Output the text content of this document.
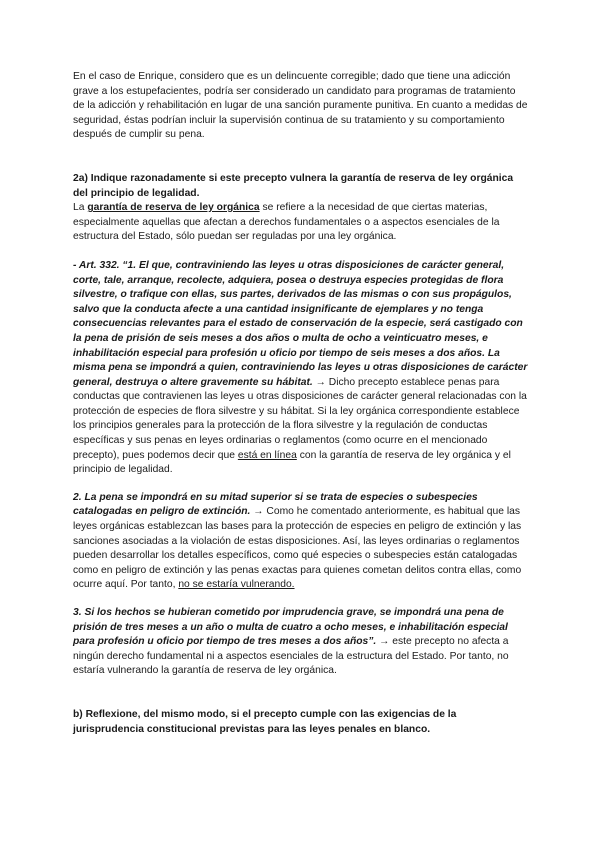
En el caso de Enrique, considero que es un delincuente corregible; dado que tiene una adicción grave a los estupefacientes, podría ser considerado un candidato para programas de tratamiento de la adicción y rehabilitación en lugar de una sanción puramente punitiva. En cuanto a medidas de seguridad, éstas podrían incluir la supervisión continua de su tratamiento y su comportamiento después de cumplir su pena.

2a) Indique razonadamente si este precepto vulnera la garantía de reserva de ley orgánica del principio de legalidad.

La garantía de reserva de ley orgánica se refiere a la necesidad de que ciertas materias, especialmente aquellas que afectan a derechos fundamentales o a aspectos esenciales de la estructura del Estado, sólo puedan ser reguladas por una ley orgánica.

- Art. 332. “1. El que, contraviniendo las leyes u otras disposiciones de carácter general, corte, tale, arranque, recolecte, adquiera, posea o destruya especies protegidas de flora silvestre, o trafique con ellas, sus partes, derivados de las mismas o con sus propágulos, salvo que la conducta afecte a una cantidad insignificante de ejemplares y no tenga consecuencias relevantes para el estado de conservación de la especie, será castigado con la pena de prisión de seis meses a dos años o multa de ocho a veinticuatro meses, e inhabilitación especial para profesión u oficio por tiempo de seis meses a dos años. La misma pena se impondrá a quien, contraviniendo las leyes u otras disposiciones de carácter general, destruya o altere gravemente su hábitat. → Dicho precepto establece penas para conductas que contravienen las leyes u otras disposiciones de carácter general relacionadas con la protección de especies de flora silvestre y su hábitat. Si la ley orgánica correspondiente establece los principios generales para la protección de la flora silvestre y la regulación de conductas específicas y sus penas en leyes ordinarias o reglamentos (como ocurre en el mencionado precepto), pues podemos decir que está en línea con la garantía de reserva de ley orgánica y el principio de legalidad.

2. La pena se impondrá en su mitad superior si se trata de especies o subespecies catalogadas en peligro de extinción. → Como he comentado anteriormente, es habitual que las leyes orgánicas establezcan las bases para la protección de especies en peligro de extinción y las sanciones asociadas a la violación de estas disposiciones. Así, las leyes ordinarias o reglamentos pueden desarrollar los detalles específicos, como qué especies o subespecies están catalogadas como en peligro de extinción y las penas exactas para quienes cometan delitos contra ellas, como ocurre aquí. Por tanto, no se estaría vulnerando.

3. Si los hechos se hubieran cometido por imprudencia grave, se impondrá una pena de prisión de tres meses a un año o multa de cuatro a ocho meses, e inhabilitación especial para profesión u oficio por tiempo de tres meses a dos años”. → este precepto no afecta a ningún derecho fundamental ni a aspectos esenciales de la estructura del Estado. Por tanto, no estaría vulnerando la garantía de reserva de ley orgánica.

b) Reflexione, del mismo modo, si el precepto cumple con las exigencias de la jurisprudencia constitucional previstas para las leyes penales en blanco.
